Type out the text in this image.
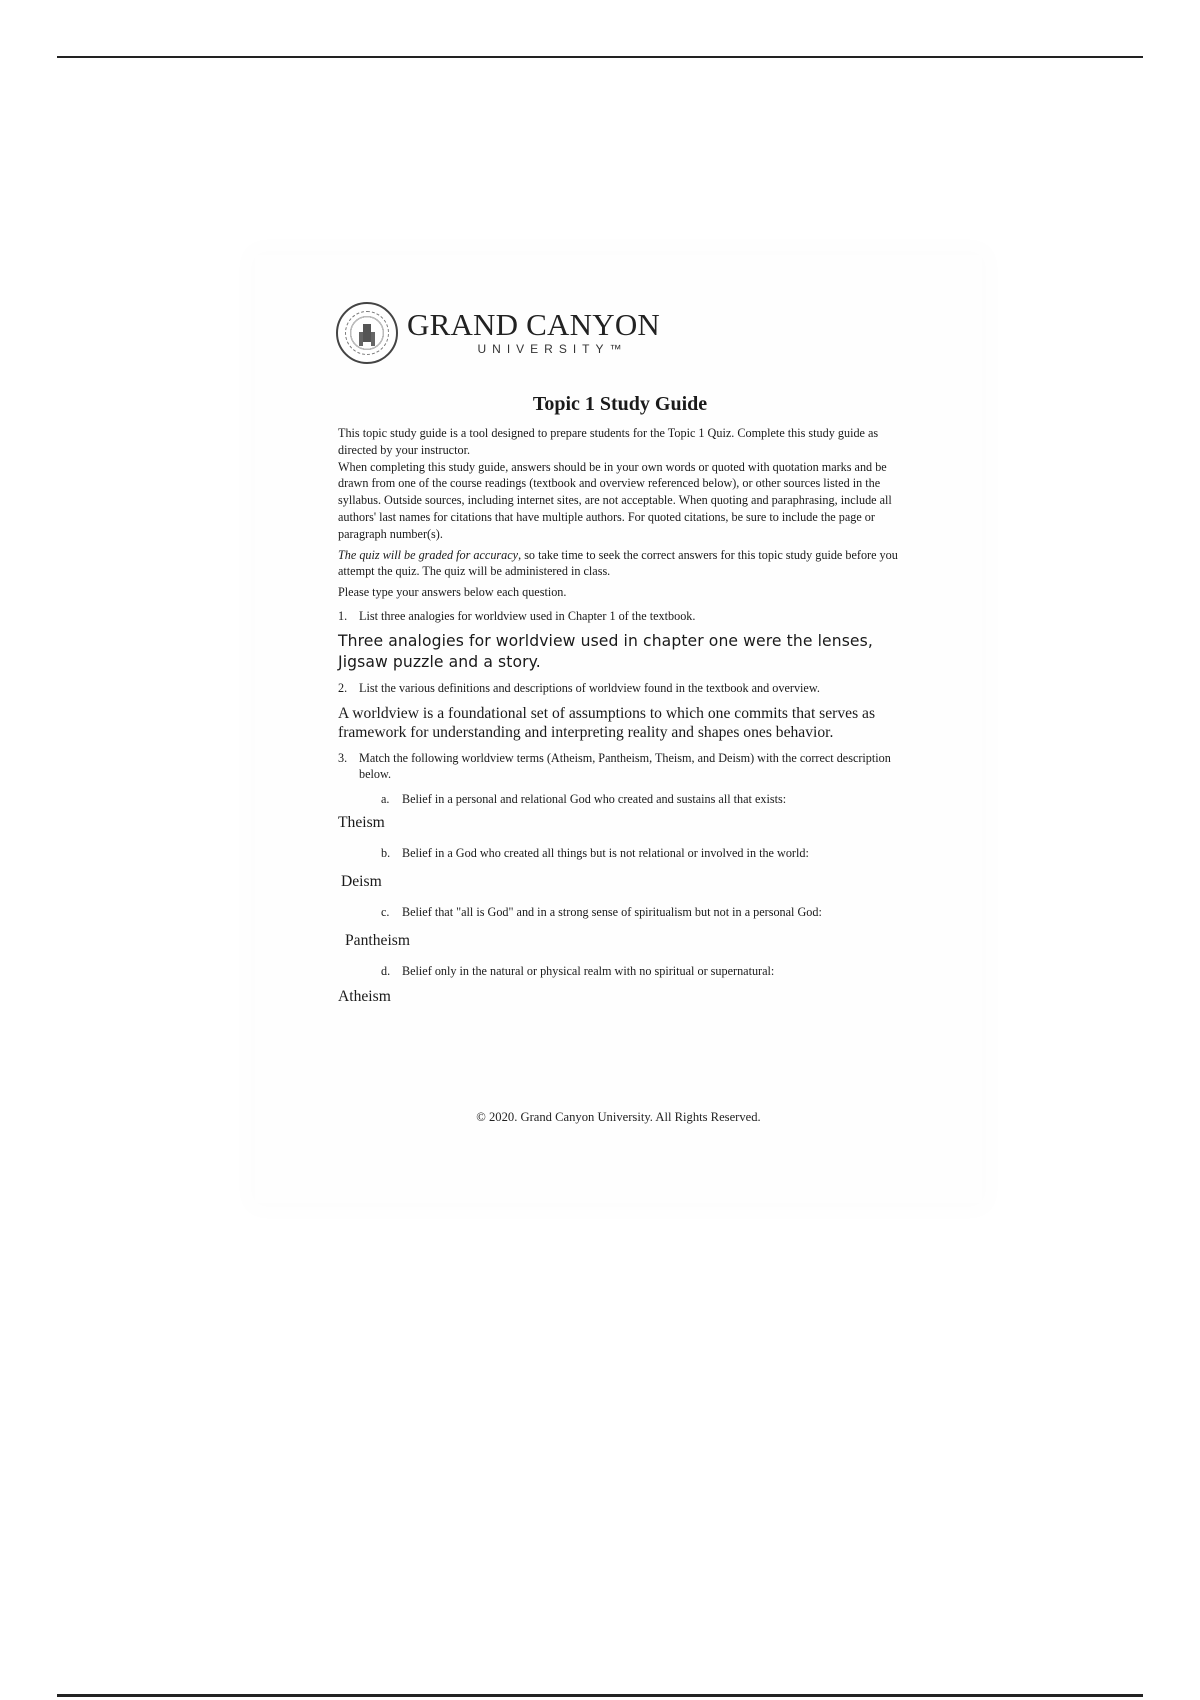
GRAND CANYON
UNIVERSITY™
Topic 1 Study Guide

This topic study guide is a tool designed to prepare students for the Topic 1 Quiz. Complete this study guide as directed by your instructor.

When completing this study guide, answers should be in your own words or quoted with quotation marks and be drawn from one of the course readings (textbook and overview referenced below), or other sources listed in the syllabus. Outside sources, including internet sites, are not acceptable. When quoting and paraphrasing, include all authors' last names for citations that have multiple authors. For quoted citations, be sure to include the page or paragraph number(s).

The quiz will be graded for accuracy, so take time to seek the correct answers for this topic study guide before you attempt the quiz. The quiz will be administered in class.

Please type your answers below each question.

1. List three analogies for worldview used in Chapter 1 of the textbook.
Three analogies for worldview used in chapter one were the lenses, Jigsaw puzzle and a story.
2. List the various definitions and descriptions of worldview found in the textbook and overview.
A worldview is a foundational set of assumptions to which one commits that serves as framework for understanding and interpreting reality and shapes ones behavior.
3. Match the following worldview terms (Atheism, Pantheism, Theism, and Deism) with the correct description below.
a.	Belief in a personal and relational God who created and sustains all that exists:
Theism
b. Belief in a God who created all things but is not relational or involved in the world:
Deism
c.	Belief that "all is God" and in a strong sense of spiritualism but not in a personal God:
Pantheism
d. Belief only in the natural or physical realm with no spiritual or supernatural:
Atheism
© 2020. Grand Canyon University. All Rights Reserved.
